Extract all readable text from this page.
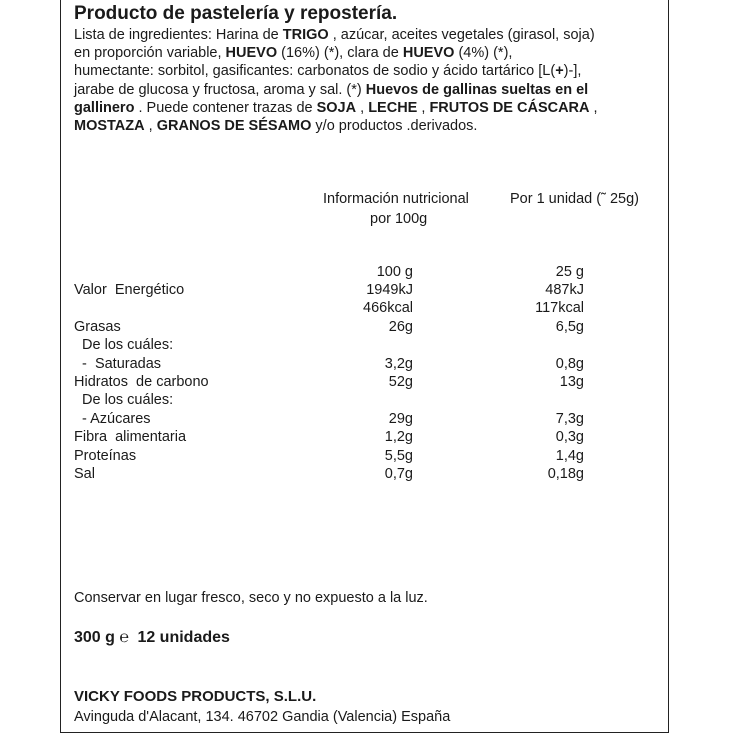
Producto de pastelería y repostería.
Lista de ingredientes: Harina de TRIGO , azúcar, aceites vegetales (girasol, soja)
en proporción variable, HUEVO (16%) (*), clara de HUEVO (4%) (*),
humectante: sorbitol, gasificantes: carbonatos de sodio y ácido tartárico [L(+)-],
jarabe de glucosa y fructosa, aroma y sal. (*) Huevos de gallinas sueltas en el
gallinero . Puede contener trazas de SOJA , LECHE , FRUTOS DE CÁSCARA ,
MOSTAZA , GRANOS DE SÉSAMO y/o productos .derivados.
Información nutricional
por 100g
Por 1 unidad (˜ 25g)
100 g	25 g
Valor  Energético	1949kJ	487kJ
466kcal	117kcal
Grasas	26g	6,5g
De los cuáles:
-  Saturadas	3,2g	0,8g
Hidratos  de carbono	52g	13g
De los cuáles:
- Azúcares	29g	7,3g
Fibra  alimentaria	1,2g	0,3g
Proteínas	5,5g	1,4g
Sal	0,7g	0,18g
Conservar en lugar fresco, seco y no expuesto a la luz.
300 g ℮ 12 unidades
VICKY FOODS PRODUCTS, S.L.U.
Avinguda d'Alacant, 134. 46702 Gandia (Valencia) España
